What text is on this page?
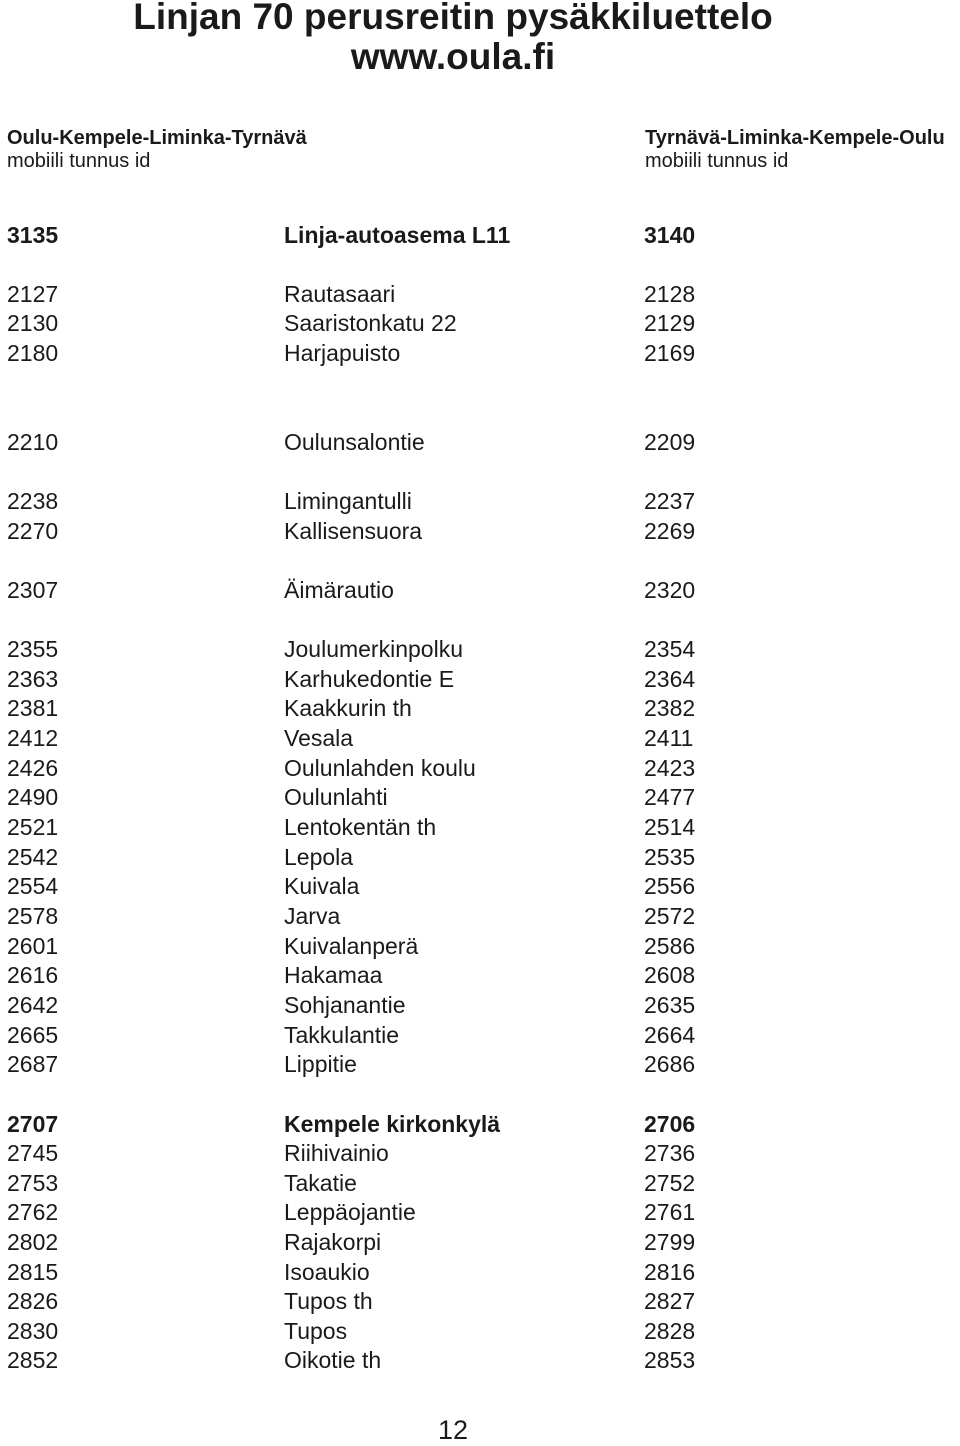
Linjan 70 perusreitin pysäkkiluettelo
www.oula.fi
Oulu-Kempele-Liminka-Tyrnävä
mobiili tunnus id
Tyrnävä-Liminka-Kempele-Oulu
mobiili tunnus id
3135	Linja-autoasema L11	3140
2127	Rautasaari	2128
2130	Saaristonkatu 22	2129
2180	Harjapuisto	2169
2210	Oulunsalontie	2209
2238	Limingantulli	2237
2270	Kallisensuora	2269
2307	Äimärautio	2320
2355	Joulumerkinpolku	2354
2363	Karhukedontie E	2364
2381	Kaakkurin th	2382
2412	Vesala	2411
2426	Oulunlahden koulu	2423
2490	Oulunlahti	2477
2521	Lentokentän th	2514
2542	Lepola	2535
2554	Kuivala	2556
2578	Jarva	2572
2601	Kuivalanperä	2586
2616	Hakamaa	2608
2642	Sohjanantie	2635
2665	Takkulantie	2664
2687	Lippitie	2686
2707	Kempele kirkonkylä	2706
2745	Riihivainio	2736
2753	Takatie	2752
2762	Leppäojantie	2761
2802	Rajakorpi	2799
2815	Isoaukio	2816
2826	Tupos th	2827
2830	Tupos	2828
2852	Oikotie th	2853
12
